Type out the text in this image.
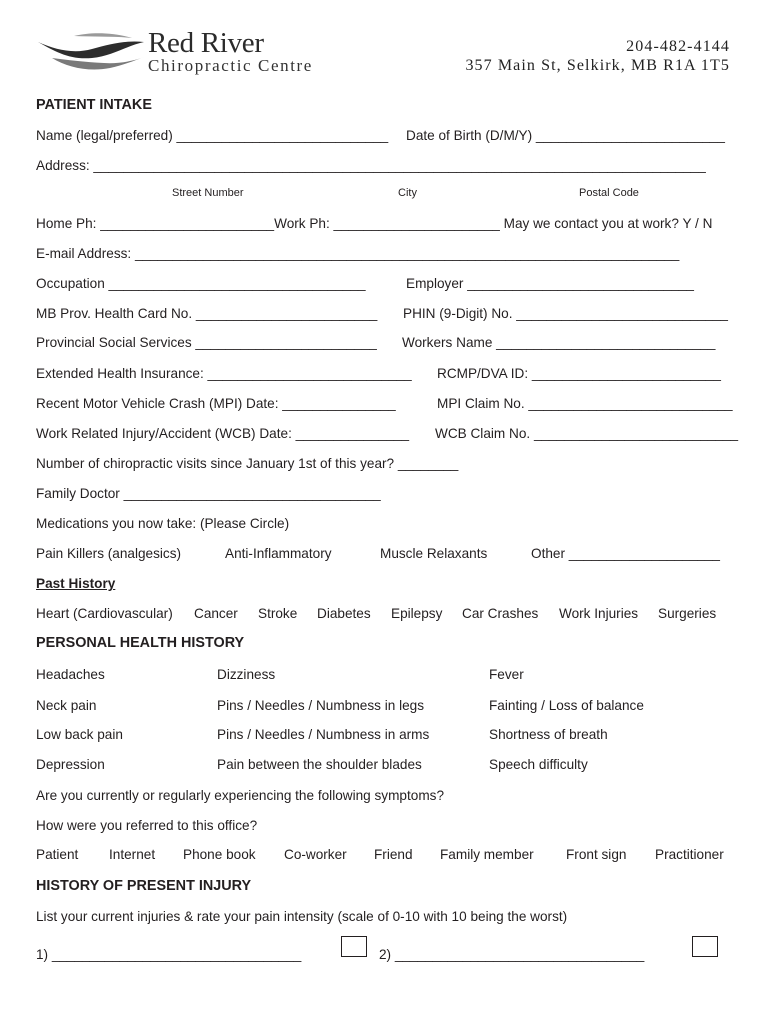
Red River
Chiropractic Centre
204-482-4144
357 Main St, Selkirk, MB R1A 1T5
PATIENT INTAKE
Name (legal/preferred) ____________________________ Date of Birth (D/M/Y) _________________________
Address: _________________________________________________________________________________
Street Number	City	Postal Code
Home Ph: _______________________Work Ph: ______________________ May we contact you at work? Y / N
E-mail Address: ________________________________________________________________________
Occupation __________________________________	Employer ______________________________
MB Prov. Health Card No. ________________________ PHIN (9-Digit) No. ____________________________
Provincial Social Services ________________________ Workers Name _____________________________
Extended Health Insurance: ___________________________ RCMP/DVA ID: _________________________
Recent Motor Vehicle Crash (MPI) Date: _______________	MPI Claim No. ___________________________
Work Related Injury/Accident (WCB) Date: _______________ WCB Claim No. ___________________________
Number of chiropractic visits since January 1st of this year? ________
Family Doctor __________________________________
Medications you now take: (Please Circle)
Pain Killers (analgesics)	Anti-Inflammatory	Muscle Relaxants	Other ____________________
Past History
Heart (Cardiovascular) Cancer Stroke Diabetes Epilepsy Car Crashes Work Injuries Surgeries
PERSONAL HEALTH HISTORY
Headaches	Dizziness	Fever
Neck pain	Pins / Needles / Numbness in legs	Fainting / Loss of balance
Low back pain	Pins / Needles / Numbness in arms	Shortness of breath
Depression	Pain between the shoulder blades	Speech difficulty
Are you currently or regularly experiencing the following symptoms?
How were you referred to this office?
Patient Internet Phone book Co-worker Friend Family member Front sign Practitioner
HISTORY OF PRESENT INJURY
List your current injuries & rate your pain intensity (scale of 0-10 with 10 being the worst)
1) _________________________________	2) _________________________________
